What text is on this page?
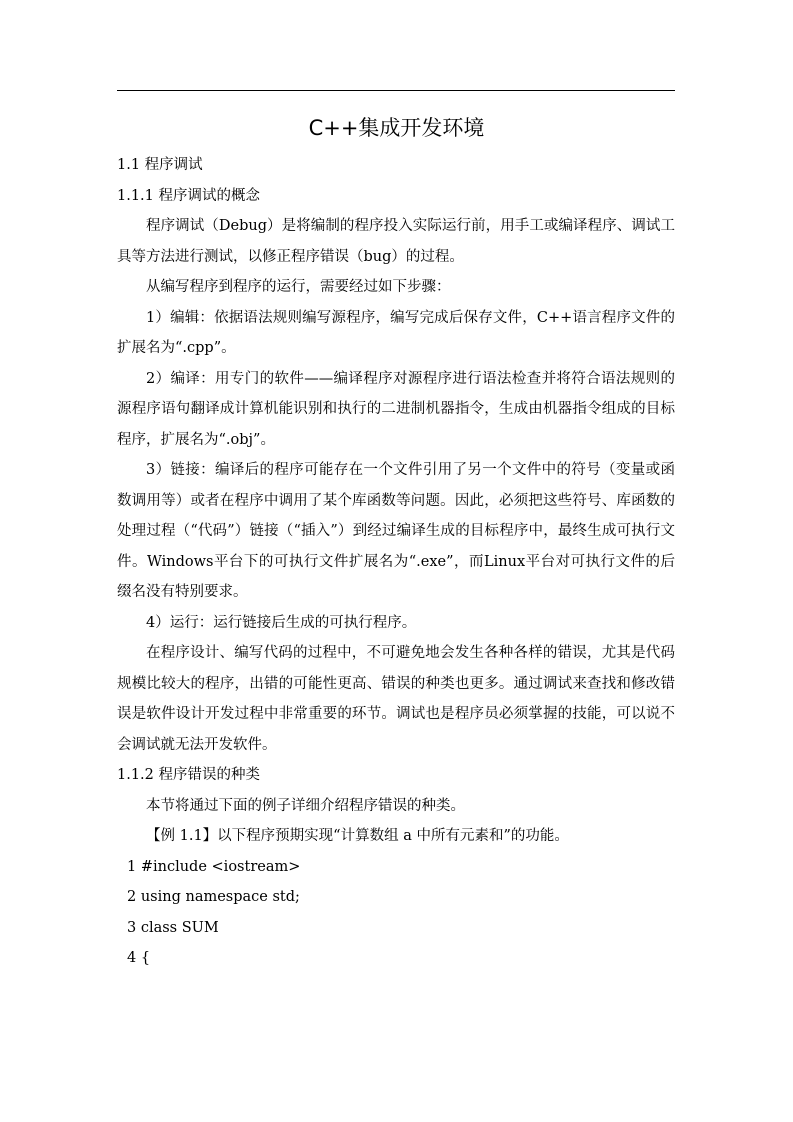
C++集成开发环境

1.1 程序调试

1.1.1 程序调试的概念

程序调试（Debug）是将编制的程序投入实际运行前，用手工或编译程序、调试工具等方法进行测试，以修正程序错误（bug）的过程。

从编写程序到程序的运行，需要经过如下步骤：

1）编辑：依据语法规则编写源程序，编写完成后保存文件，C++语言程序文件的扩展名为“.cpp”。

2）编译：用专门的软件——编译程序对源程序进行语法检查并将符合语法规则的源程序语句翻译成计算机能识别和执行的二进制机器指令，生成由机器指令组成的目标程序，扩展名为“.obj”。

3）链接：编译后的程序可能存在一个文件引用了另一个文件中的符号（变量或函数调用等）或者在程序中调用了某个库函数等问题。因此，必须把这些符号、库函数的处理过程（“代码”）链接（“插入”）到经过编译生成的目标程序中，最终生成可执行文件。Windows平台下的可执行文件扩展名为“.exe”，而Linux平台对可执行文件的后缀名没有特别要求。

4）运行：运行链接后生成的可执行程序。

在程序设计、编写代码的过程中，不可避免地会发生各种各样的错误，尤其是代码规模比较大的程序，出错的可能性更高、错误的种类也更多。通过调试来查找和修改错误是软件设计开发过程中非常重要的环节。调试也是程序员必须掌握的技能，可以说不会调试就无法开发软件。

1.1.2 程序错误的种类

本节将通过下面的例子详细介绍程序错误的种类。

【例 1.1】以下程序预期实现“计算数组 a 中所有元素和”的功能。

1 #include <iostream>

2 using namespace std;

3 class SUM

4 {
